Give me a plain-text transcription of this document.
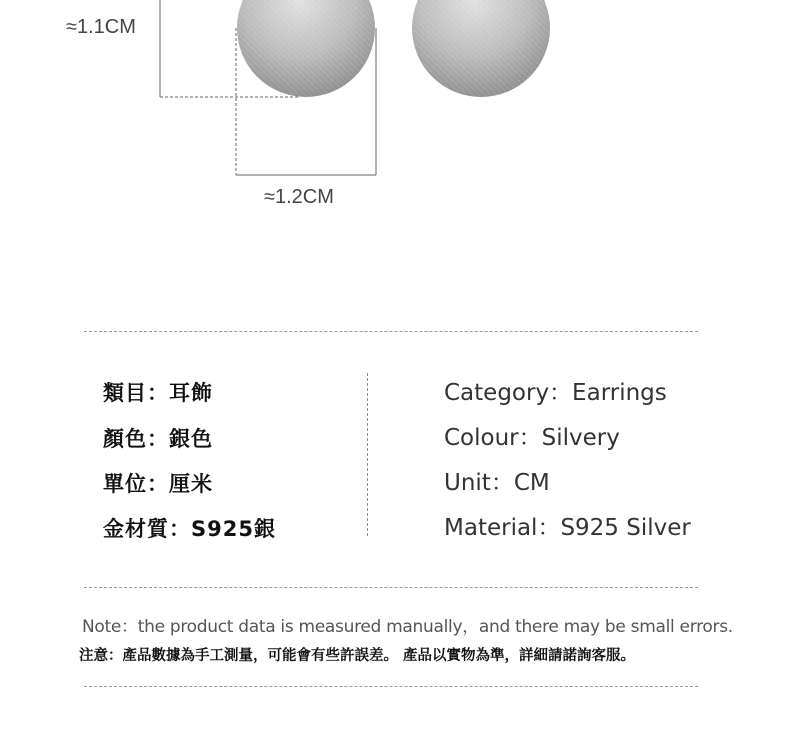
≈1.1CM
≈1.2CM
類目：耳飾
顏色：銀色
單位：厘米
金材質：S925銀
Category：Earrings
Colour：Silvery
Unit：CM
Material：S925 Silver
Note：the product data is measured manually，and there may be small errors.
注意：產品數據為手工測量，可能會有些許誤差。 產品以實物為準，詳細請諾詢客服。
